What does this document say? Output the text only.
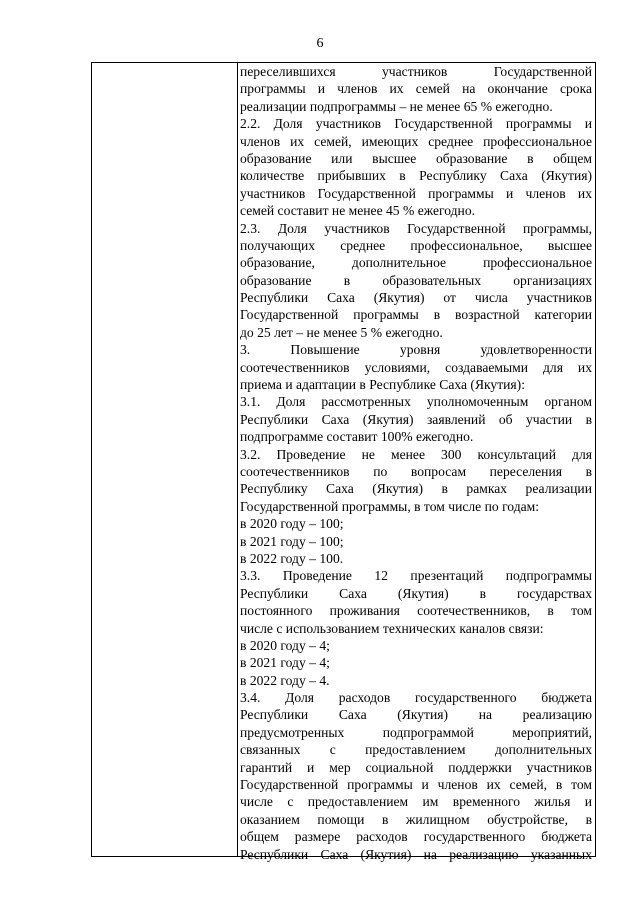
6
переселившихся участников Государственной
программы и членов их семей на окончание срока
реализации подпрограммы – не менее 65 % ежегодно.
2.2. Доля участников Государственной программы и
членов их семей, имеющих среднее профессиональное
образование или высшее образование в общем
количестве прибывших в Республику Саха (Якутия)
участников Государственной программы и членов их
семей составит не менее 45 % ежегодно.
2.3. Доля участников Государственной программы,
получающих среднее профессиональное, высшее
образование, дополнительное профессиональное
образование в образовательных организациях
Республики Саха (Якутия) от числа участников
Государственной программы в возрастной категории
до 25 лет – не менее 5 % ежегодно.
3. Повышение уровня удовлетворенности
соотечественников условиями, создаваемыми для их
приема и адаптации в Республике Саха (Якутия):
3.1. Доля рассмотренных уполномоченным органом
Республики Саха (Якутия) заявлений об участии в
подпрограмме составит 100% ежегодно.
3.2. Проведение не менее 300 консультаций для
соотечественников по вопросам переселения в
Республику Саха (Якутия) в рамках реализации
Государственной программы, в том числе по годам:
в 2020 году – 100;
в 2021 году – 100;
в 2022 году – 100.
3.3. Проведение 12 презентаций подпрограммы
Республики Саха (Якутия) в государствах
постоянного проживания соотечественников, в том
числе с использованием технических каналов связи:
в 2020 году – 4;
в 2021 году – 4;
в 2022 году – 4.
3.4. Доля расходов государственного бюджета
Республики Саха (Якутия) на реализацию
предусмотренных подпрограммой мероприятий,
связанных с предоставлением дополнительных
гарантий и мер социальной поддержки участников
Государственной программы и членов их семей, в том
числе с предоставлением им временного жилья и
оказанием помощи в жилищном обустройстве, в
общем размере расходов государственного бюджета
Республики Саха (Якутия) на реализацию указанных
